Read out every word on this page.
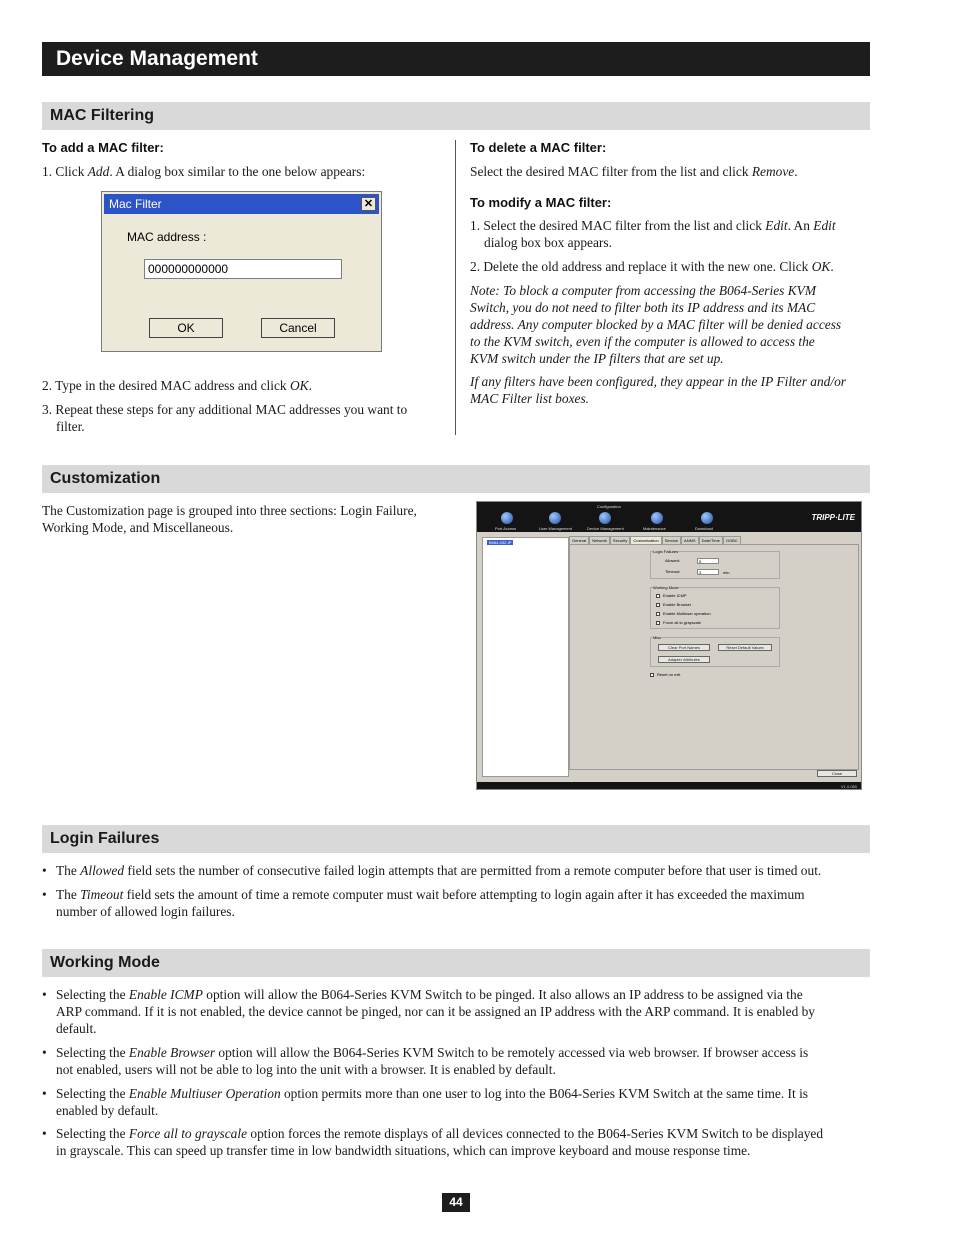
Device Management
MAC Filtering
To add a MAC filter:
1. Click Add. A dialog box similar to the one below appears:
Mac Filter	✕
MAC address :
000000000000
OK	Cancel
2. Type in the desired MAC address and click OK.
3. Repeat these steps for any additional MAC addresses you want to
filter.
To delete a MAC filter:
Select the desired MAC filter from the list and click Remove.
To modify a MAC filter:
1. Select the desired MAC filter from the list and click Edit. An Edit
dialog box box appears.
2. Delete the old address and replace it with the new one. Click OK.
Note: To block a computer from accessing the B064-Series KVM
Switch, you do not need to filter both its IP address and its MAC
address. Any computer blocked by a MAC filter will be denied access
to the KVM switch, even if the computer is allowed to access the
KVM switch under the IP filters that are set up.
If any filters have been configured, they appear in the IP Filter and/or
MAC Filter list boxes.
Customization
The Customization page is grouped into three sections: Login Failure,
Working Mode, and Miscellaneous.
Configuration
Port Access	User Management	Device Management	Maintenance	Download
TRIPP·LITE
B064-032-IP	General Network Security Customization Service ANMS Date/Time OOBC
Login Failures
Allowed:	5
Timeout:	3	min
Working Mode
Enable ICMP
Enable Browser
Enable Multiuser operation
Force all to grayscale
Misc
Clear Port Names	Reset Default Values
Adapter Attributes
Reset on exit
Close
V1.0.080
Login Failures
• The Allowed field sets the number of consecutive failed login attempts that are permitted from a remote computer before that user is timed out.
• The Timeout field sets the amount of time a remote computer must wait before attempting to login again after it has exceeded the maximum
number of allowed login failures.
Working Mode
• Selecting the Enable ICMP option will allow the B064-Series KVM Switch to be pinged. It also allows an IP address to be assigned via the
ARP command. If it is not enabled, the device cannot be pinged, nor can it be assigned an IP address with the ARP command. It is enabled by
default.
• Selecting the Enable Browser option will allow the B064-Series KVM Switch to be remotely accessed via web browser. If browser access is
not enabled, users will not be able to log into the unit with a browser. It is enabled by default.
• Selecting the Enable Multiuser Operation option permits more than one user to log into the B064-Series KVM Switch at the same time. It is
enabled by default.
• Selecting the Force all to grayscale option forces the remote displays of all devices connected to the B064-Series KVM Switch to be displayed
in grayscale. This can speed up transfer time in low bandwidth situations, which can improve keyboard and mouse response time.
44
